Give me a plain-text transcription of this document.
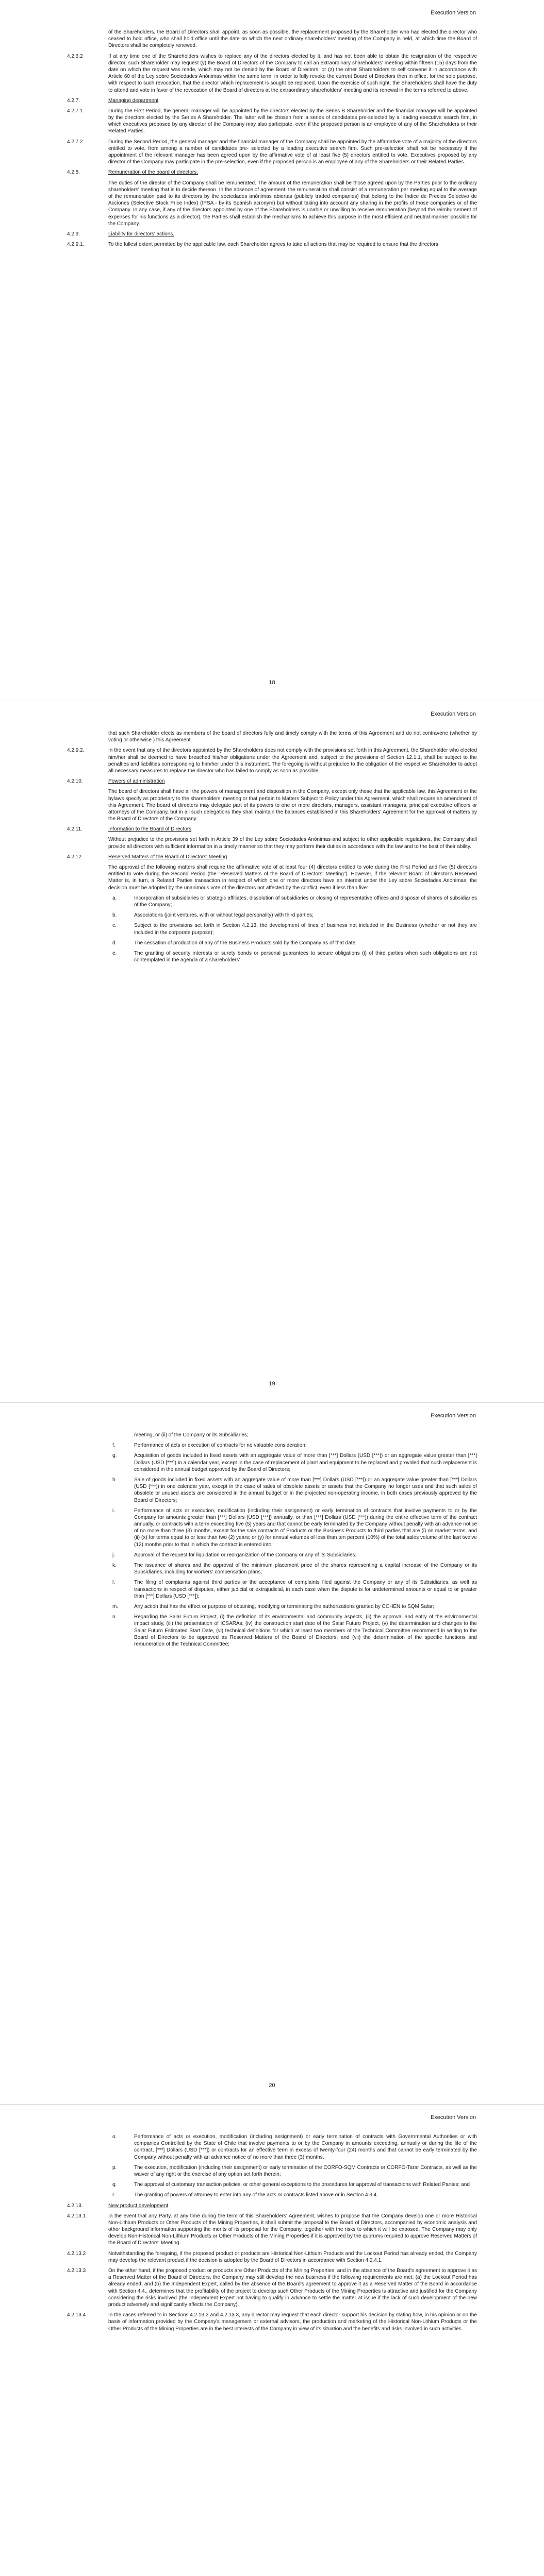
Execution Version
of the Shareholders, the Board of Directors shall appoint, as soon as possible, the replacement proposed by the Shareholder who had elected the director who ceased to hold office, who shall hold office until the date on which the next ordinary shareholders' meeting of the Company is held, at which time the Board of Directors shall be completely renewed.
4.2.6.2	If at any time one of the Shareholders wishes to replace any of the directors elected by it, and has not been able to obtain the resignation of the respective director, such Shareholder may request (y) the Board of Directors of the Company to call an extraordinary shareholders' meeting within fifteen (15) days from the date on which the request was made, which may not be denied by the Board of Directors, or (z) the other Shareholders to self convene it in accordance with Article 60 of the Ley sobre Sociedades Anónimas within the same term, in order to fully revoke the current Board of Directors then in office, for the sole purpose, with respect to such revocation, that the director which replacement is sought be replaced. Upon the exercise of such right, the Shareholders shall have the duty to attend and vote in favor of the revocation of the Board of directors at the extraordinary shareholders' meeting and its renewal in the terms referred to above.
4.2.7.	Managing department
4.2.7.1	During the First Period, the general manager will be appointed by the directors elected by the Series B Shareholder and the financial manager will be appointed by the directors elected by the Series A Shareholder. The latter will be chosen from a series of candidates pre-selected by a leading executive search firm, in which executives proposed by any director of the Company may also participate, even if the proposed person is an employee of any of the Shareholders or their Related Parties.
4.2.7.2	During the Second Period, the general manager and the financial manager of the Company shall be appointed by the affirmative vote of a majority of the directors entitled to vote, from among a number of candidates pre- selected by a leading executive search firm. Such pre-selection shall not be necessary if the appointment of the relevant manager has been agreed upon by the affirmative vote of at least five (5) directors entitled to vote. Executives proposed by any director of the Company may participate in the pre-selection, even if the proposed person is an employee of any of the Shareholders or their Related Parties.
4.2.8.	Remuneration of the board of directors.
The duties of the director of the Company shall be remunerated. The amount of the remuneration shall be those agreed upon by the Parties prior to the ordinary shareholders' meeting that is to decide thereon. In the absence of agreement, the remuneration shall consist of a remuneration per meeting equal to the average of the remuneration paid to its directors by the sociedades anónimas abiertas (publicly traded companies) that belong to the Índice de Precios Selectivo de Acciones (Selective Stock Price Index) (IPSA - by its Spanish acronym) but without taking into account any sharing in the profits of those companies or of the Company. In any case, if any of the directors appointed by one of the Shareholders is unable or unwilling to receive remuneration (beyond the reimbursement of expenses for his functions as a director), the Parties shall establish the mechanisms to achieve this purpose in the most efficient and neutral manner possible for the Company.
4.2.9.	Liability for directors' actions.
4.2.9.1.	To the fullest extent permitted by the applicable law, each Shareholder agrees to take all actions that may be required to ensure that the directors
18
Execution Version
that such Shareholder elects as members of the board of directors fully and timely comply with the terms of this Agreement and do not contravene (whether by voting or otherwise ) this Agreement.
4.2.9.2.	In the event that any of the directors appointed by the Shareholders does not comply with the provisions set forth in this Agreement, the Shareholder who elected him/her shall be deemed to have breached his/her obligations under the Agreement and, subject to the provisions of Section 12.1.1, shall be subject to the penalties and liabilities corresponding to him/her under this instrument. The foregoing is without prejudice to the obligation of the respective Shareholder to adopt all necessary measures to replace the director who has failed to comply as soon as possible.
4.2.10.	Powers of administration
The board of directors shall have all the powers of management and disposition in the Company, except only those that the applicable law, this Agreement or the bylaws specify as proprietary to the shareholders' meeting or that pertain to Matters Subject to Policy under this Agreement, which shall require an amendment of this Agreement. The board of directors may delegate part of its powers to one or more directors, managers, assistant managers, principal executive officers or attorneys of the Company, but in all such delegations they shall maintain the balances established in this Shareholders' Agreement for the approval of matters by the Board of Directors of the Company.
4.2.11.	Information to the Board of Directors
Without prejudice to the provisions set forth in Article 39 of the Ley sobre Sociedades Anónimas and subject to other applicable regulations, the Company shall provide all directors with sufficient information in a timely manner so that they may perform their duties in accordance with the law and to the best of their ability.
4.2.12.	Reserved Matters of the Board of Directors' Meeting
The approval of the following matters shall require the affirmative vote of at least four (4) directors entitled to vote during the First Period and five (5) directors entitled to vote during the Second Period (the "Reserved Matters of the Board of Directors' Meeting"). However, if the relevant Board of Director's Reserved Matter is, in turn, a Related Parties transaction in respect of which one or more directors have an interest under the Ley sobre Sociedades Anónimas, the decision must be adopted by the unanimous vote of the directors not affected by the conflict, even if less than five:
a.	Incorporation of subsidiaries or strategic affiliates, dissolution of subsidiaries or closing of representative offices and disposal of shares of subsidiaries of the Company;
b.	Associations (joint ventures, with or without legal personality) with third parties;
c.	Subject to the provisions set forth in Section 4.2.13, the development of lines of business not included in the Business (whether or not they are included in the corporate purpose);
d.	The cessation of production of any of the Business Products sold by the Company as of that date;
e.	The granting of security interests or surety bonds or personal guarantees to secure obligations (i) of third parties when such obligations are not contemplated in the agenda of a shareholders'
19
Execution Version
meeting, or (ii) of the Company or its Subsidiaries;
f.	Performance of acts or execution of contracts for no valuable consideration;
g.	Acquisition of goods included in fixed assets with an aggregate value of more than [***] Dollars (USD [***]) or an aggregate value greater than [***] Dollars (USD [***]) in a calendar year, except in the case of replacement of plant and equipment to be replaced and provided that such replacement is considered in the annual budget approved by the Board of Directors;
h.	Sale of goods included in fixed assets with an aggregate value of more than [***] Dollars (USD [***]) or an aggregate value greater than [***] Dollars (USD [***]) in one calendar year, except in the case of sales of obsolete assets or assets that the Company no longer uses and that such sales of obsolete or unused assets are considered in the annual budget or in the projected non-operating income, in both cases previously approved by the Board of Directors;
i.	Performance of acts or execution, modification (including their assignment) or early termination of contracts that involve payments to or by the Company for amounts greater than [***] Dollars (USD [***]) annually, or than [***] Dollars (USD [***]) during the entire effective term of the contract annually, or contracts with a term exceeding five (5) years and that cannot be early terminated by the Company without penalty with an advance notice of no more than three (3) months, except for the sale contracts of Products or the Business Products to third parties that are (i) on market terms, and (ii) (x) for terms equal to or less than two (2) years; or (y) for annual volumes of less than ten percent (10%) of the total sales volume of the last twelve (12) months prior to that in which the contract is entered into;
j.	Approval of the request for liquidation or reorganization of the Company or any of its Subsidiaries;
k.	The issuance of shares and the approval of the minimum placement price of the shares representing a capital increase of the Company or its Subsidiaries, including for workers' compensation plans;
l.	The filing of complaints against third parties or the acceptance of complaints filed against the Company or any of its Subsidiaries, as well as transactions in respect of disputes, either judicial or extrajudicial, in each case when the dispute is for undetermined amounts or equal to or greater than [***] Dollars (USD [***]);
m.	Any action that has the effect or purpose of obtaining, modifying or terminating the authorizations granted by CCHEN to SQM Salar;
n.	Regarding the Salar Futuro Project, (i) the definition of its environmental and community aspects, (ii) the approval and entry of the environmental impact study, (iii) the presentation of ICSARAs, (iv) the construction start date of the Salar Futuro Project, (v) the determination and changes to the Salar Futuro Estimated Start Date, (vi) technical definitions for which at least two members of the Technical Committee recommend in writing to the Board of Directors to be approved as Reserved Matters of the Board of Directors, and (vii) the determination of the specific functions and remuneration of the Technical Committee;
20
Execution Version
o.	Performance of acts or execution, modification (including assignment) or early termination of contracts with Governmental Authorities or with companies Controlled by the State of Chile that involve payments to or by the Company in amounts exceeding, annually or during the life of the contract, [***] Dollars (USD [***]) or contracts for an effective term in excess of twenty-four (24) months and that cannot be early terminated by the Company without penalty with an advance notice of no more than three (3) months.
p.	The execution, modification (including their assignment) or early termination of the CORFO-SQM Contracts or CORFO-Tarar Contracts, as well as the waiver of any right or the exercise of any option set forth therein;
q.	The approval of customary transaction policies, or other general exceptions to the procedures for approval of transactions with Related Parties; and
r.	The granting of powers of attorney to enter into any of the acts or contracts listed above or in Section 4.3.4.
4.2.13.	New product development
4.2.13.1	In the event that any Party, at any time during the term of this Shareholders' Agreement, wishes to propose that the Company develop one or more Historical Non-Lithium Products or Other Products of the Mining Properties, it shall submit the proposal to the Board of Directors, accompanied by economic analysis and other background information supporting the merits of its proposal for the Company, together with the risks to which it will be exposed. The Company may only develop Non-Historical Non-Lithium Products or Other Products of the Mining Properties if it is approved by the quorums required to approve Reserved Matters of the Board of Directors' Meeting.
4.2.13.2	Notwithstanding the foregoing, if the proposed product or products are Historical Non-Lithium Products and the Lockout Period has already ended, the Company may develop the relevant product if the decision is adopted by the Board of Directors in accordance with Section 4.2.4.1.
4.2.13.3	On the other hand, if the proposed product or products are Other Products of the Mining Properties, and in the absence of the Board's agreement to approve it as a Reserved Matter of the Board of Directors, the Company may still develop the new business if the following requirements are met: (a) the Lockout Period has already ended, and (b) the Independent Expert, called by the absence of the Board's agreement to approve it as a Reserved Matter of the Board in accordance with Section 4.4., determines that the profitability of the project to develop such Other Products of the Mining Properties is attractive and justified for the Company considering the risks involved (the Independent Expert not having to qualify in advance to settle the matter at issue if the lack of such development of the new product adversely and significantly affects the Company).
4.2.13.4	In the cases referred to in Sections 4.2.13.2 and 4.2.13.3, any director may request that each director support his decision by stating how, in his opinion or on the basis of information provided by the Company's management or external advisors, the production and marketing of the Historical Non-Lithium Products or the Other Products of the Mining Properties are in the best interests of the Company in view of its situation and the benefits and risks involved in such activities.
